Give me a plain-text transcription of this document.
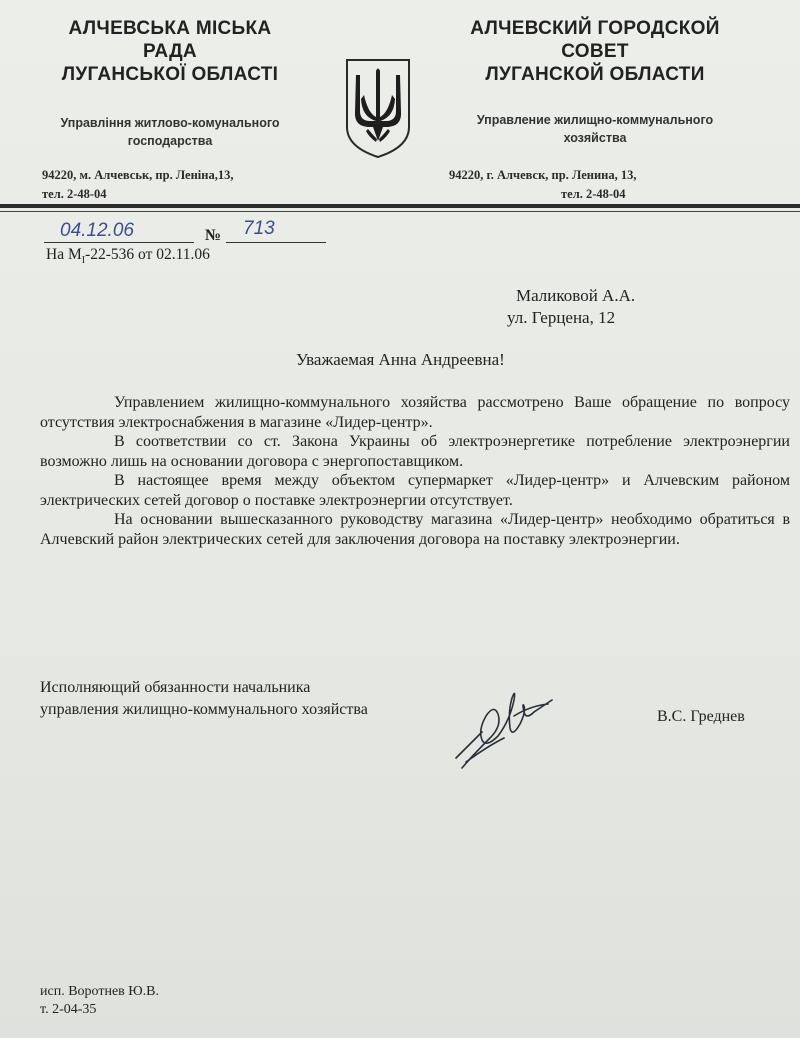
АЛЧЕВСЬКА МІСЬКА
РАДА
ЛУГАНСЬКОЇ ОБЛАСТІ
Управління житлово-комунального
господарства
94220, м. Алчевськ, пр. Леніна,13,
тел. 2-48-04
АЛЧЕВСКИЙ ГОРОДСКОЙ
СОВЕТ
ЛУГАНСКОЙ ОБЛАСТИ
Управление жилищно-коммунального
хозяйства
94220, г. Алчевск, пр. Ленина, 13,
тел. 2-48-04
04.12.06	№ 713
На $М_І-22-536$ от 02.11.06
Маликовой А.А.
ул. Герцена, 12
Уважаемая Анна Андреевна!

Управлением жилищно-коммунального хозяйства рассмотрено Ваше обращение по вопросу отсутствия электроснабжения в магазине «Лидер-центр».

В соответствии со ст. Закона Украины об электроэнергетике потребление электроэнергии возможно лишь на основании договора с энергопоставщиком.

В настоящее время между объектом супермаркет «Лидер-центр» и Алчевским районом электрических сетей договор о поставке электроэнергии отсутствует.

На основании вышесказанного руководству магазина «Лидер-центр» необходимо обратиться в Алчевский район электрических сетей для заключения договора на поставку электроэнергии.

Исполняющий обязанности начальника
управления жилищно-коммунального хозяйства	В.С. Греднев
исп. Воротнев Ю.В.
т. 2-04-35
